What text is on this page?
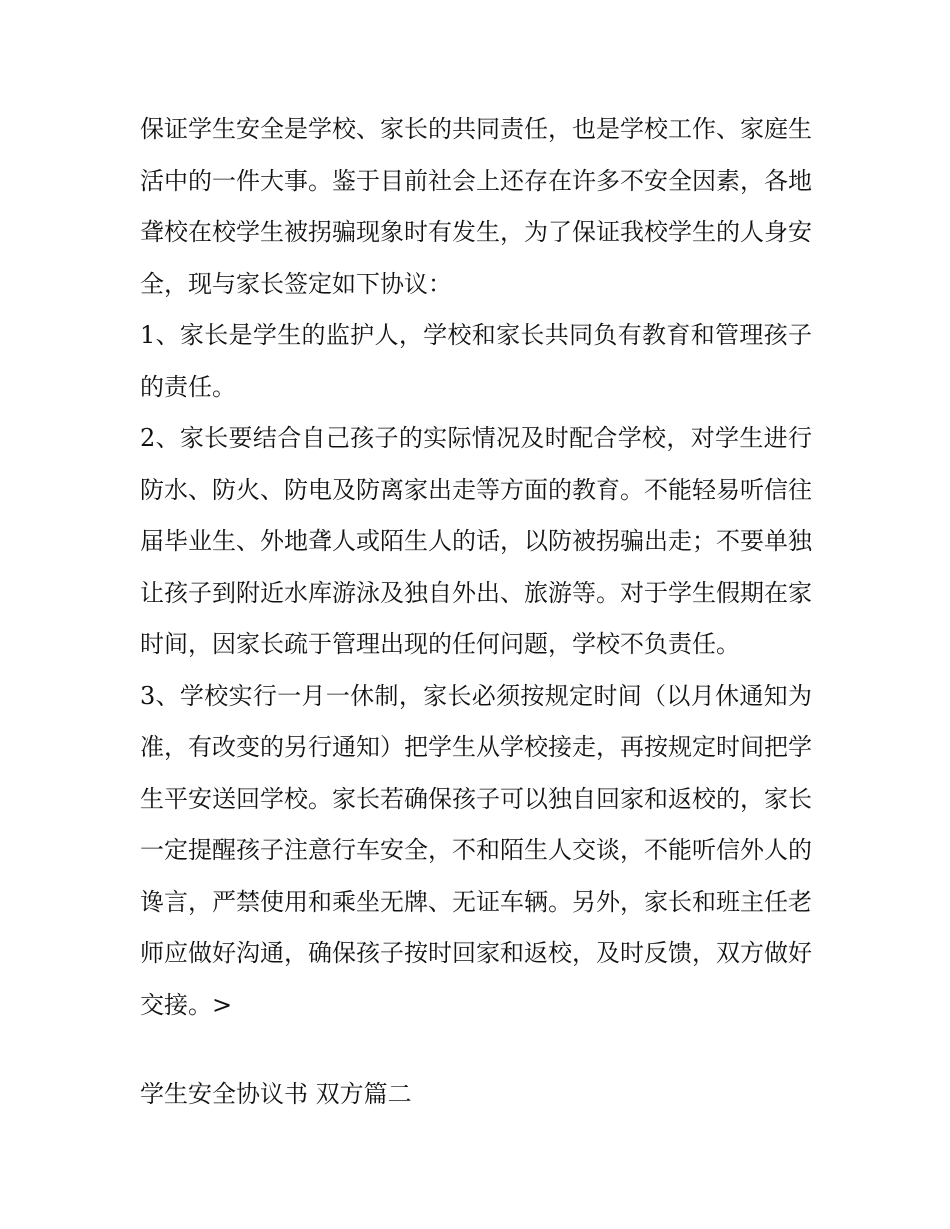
保证学生安全是学校、家长的共同责任，也是学校工作、家庭生活中的一件大事。鉴于目前社会上还存在许多不安全因素，各地聋校在校学生被拐骗现象时有发生，为了保证我校学生的人身安全，现与家长签定如下协议：

1、家长是学生的监护人，学校和家长共同负有教育和管理孩子的责任。

2、家长要结合自己孩子的实际情况及时配合学校，对学生进行防水、防火、防电及防离家出走等方面的教育。不能轻易听信往届毕业生、外地聋人或陌生人的话，以防被拐骗出走；不要单独让孩子到附近水库游泳及独自外出、旅游等。对于学生假期在家时间，因家长疏于管理出现的任何问题，学校不负责任。

3、学校实行一月一休制，家长必须按规定时间（以月休通知为准，有改变的另行通知）把学生从学校接走，再按规定时间把学生平安送回学校。家长若确保孩子可以独自回家和返校的，家长一定提醒孩子注意行车安全，不和陌生人交谈，不能听信外人的谗言，严禁使用和乘坐无牌、无证车辆。另外，家长和班主任老师应做好沟通，确保孩子按时回家和返校，及时反馈，双方做好交接。>

学生安全协议书 双方篇二
